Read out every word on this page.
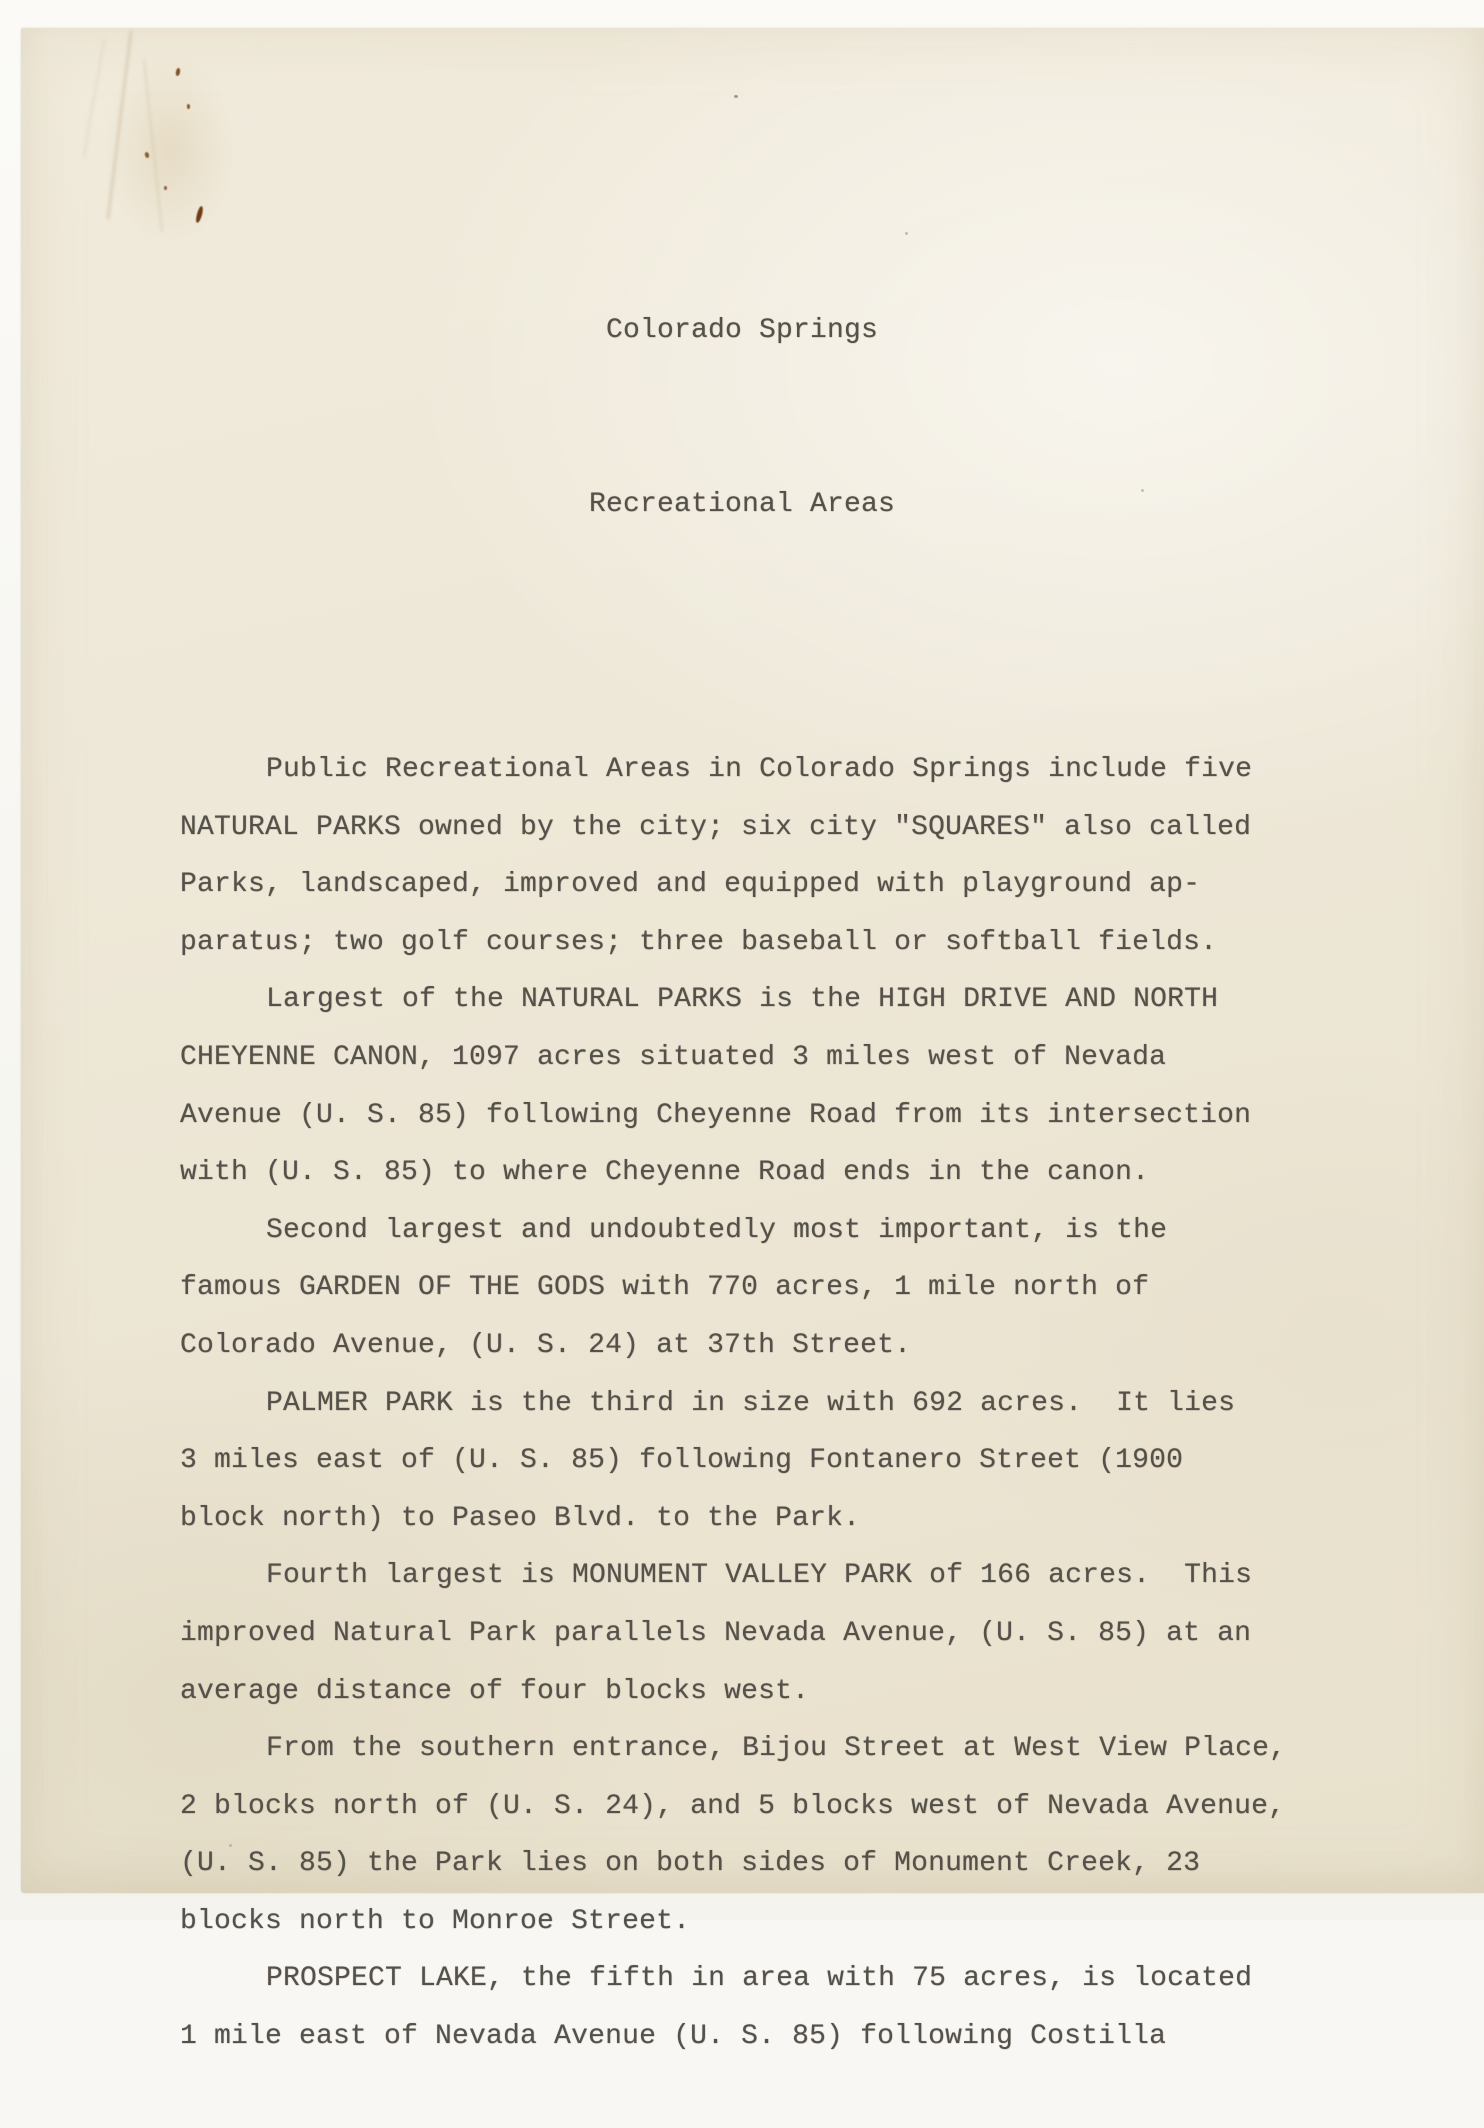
Colorado Springs

Recreational Areas

Public Recreational Areas in Colorado Springs include five
NATURAL PARKS owned by the city; six city "SQUARES" also called
Parks, landscaped, improved and equipped with playground ap-
paratus; two golf courses; three baseball or softball fields.
Largest of the NATURAL PARKS is the HIGH DRIVE AND NORTH
CHEYENNE CANON, 1097 acres situated 3 miles west of Nevada
Avenue (U. S. 85) following Cheyenne Road from its intersection
with (U. S. 85) to where Cheyenne Road ends in the canon.
Second largest and undoubtedly most important, is the
famous GARDEN OF THE GODS with 770 acres, 1 mile north of
Colorado Avenue, (U. S. 24) at 37th Street.
PALMER PARK is the third in size with 692 acres.  It lies
3 miles east of (U. S. 85) following Fontanero Street (1900
block north) to Paseo Blvd. to the Park.
Fourth largest is MONUMENT VALLEY PARK of 166 acres.  This
improved Natural Park parallels Nevada Avenue, (U. S. 85) at an
average distance of four blocks west.
From the southern entrance, Bijou Street at West View Place,
2 blocks north of (U. S. 24), and 5 blocks west of Nevada Avenue,
(U. S. 85) the Park lies on both sides of Monument Creek, 23
blocks north to Monroe Street.
PROSPECT LAKE, the fifth in area with 75 acres, is located
1 mile east of Nevada Avenue (U. S. 85) following Costilla
